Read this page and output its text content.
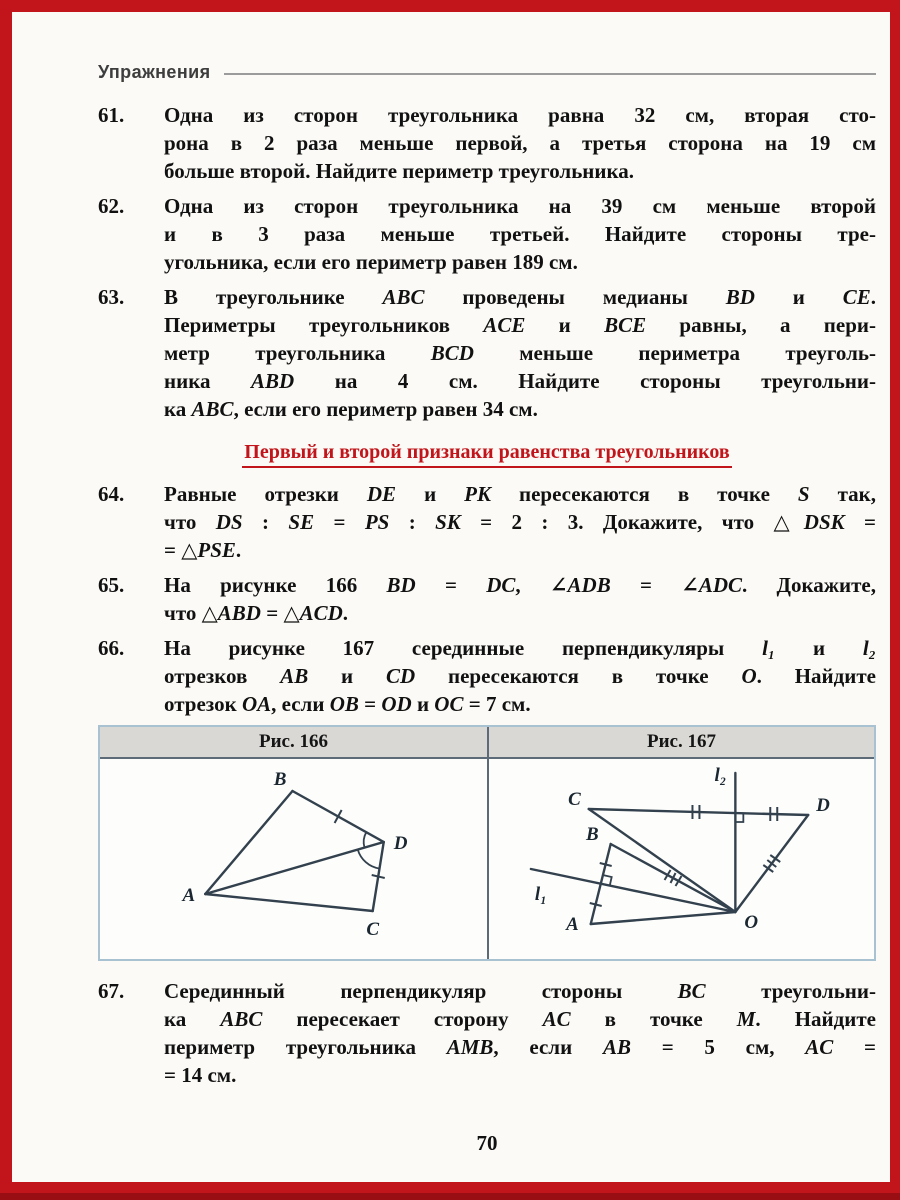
Упражнения
61.	Одна из сторон треугольника равна 32 см, вторая сто-
рона в 2 раза меньше первой, а третья сторона на 19 см
больше второй. Найдите периметр треугольника.
62.	Одна из сторон треугольника на 39 см меньше второй
и в 3 раза меньше третьей. Найдите стороны тре-
угольника, если его периметр равен 189 см.
63.	В треугольнике ABC проведены медианы BD и CE.
Периметры треугольников ACE и BCE равны, а пери-
метр треугольника BCD меньше периметра треуголь-
ника ABD на 4 см. Найдите стороны треугольни-
ка ABC, если его периметр равен 34 см.
Первый и второй признаки равенства треугольников
64.	Равные отрезки DE и PK пересекаются в точке S так,
что DS : SE = PS : SK = 2 : 3. Докажите, что △DSK =
= △PSE.
65.	На рисунке 166 BD = DC, ∠ADB = ∠ADC. Докажите,
что △ABD = △ACD.
66.	На рисунке 167 серединные перпендикуляры l₁ и l₂
отрезков AB и CD пересекаются в точке O. Найдите
отрезок OA, если OB = OD и OC = 7 см.
Рис. 166
B
D
A
C
Рис. 167
l₂
C	D
B
l₁
A	O
67.	Серединный перпендикуляр стороны BC треугольни-
ка ABC пересекает сторону AC в точке M. Найдите
периметр треугольника AMB, если AB = 5 см, AC =
= 14 см.
70
